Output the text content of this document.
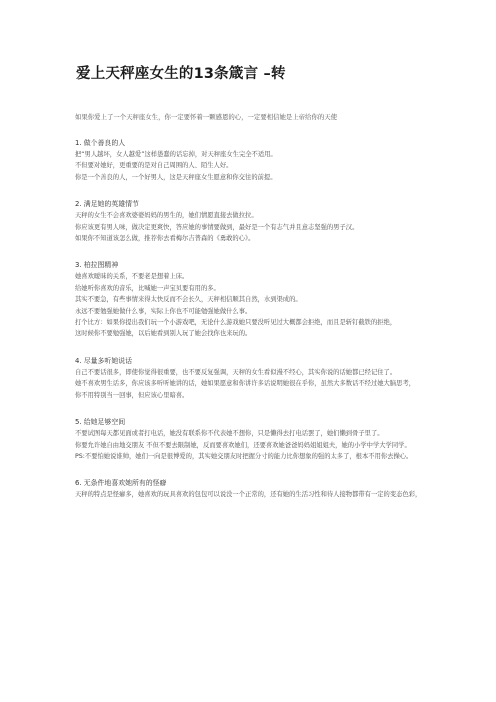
爱上天秤座女生的13条箴言 –转

如果你爱上了一个天秤座女生，你一定要怀着一颗感恩的心，一定要相信她是上帝给你的天使

1. 做个善良的人

把“男人越坏，女人越爱”这样愚蠢的话忘掉，对天秤座女生完全不适用。

不但要对她好，更重要的是对自己周围的人、陌生人好。

你是一个善良的人，一个好男人，这是天秤座女生愿意和你交往的前提。

2. 满足她的英雄情节

天秤的女生不会喜欢婆婆妈妈的男生的，她们情愿直接去做拉拉。

你应该更有男人味，做决定更爽快，答应她的事情要做到，最好是一个有志气并且意志坚强的男子汉。

如果你不知道该怎么做，推荐你去看梅尔吉普森的《勇敢的心》。

3. 柏拉图精神

她喜欢暧昧的关系，不要老是想着上床。

给她听你喜欢的音乐，比喊她一声宝贝要有用的多。

其实不要急，有些事情来得太快反而不会长久，天秤相信顺其自然，水到渠成的。

永远不要勉强她做什么事，实际上你也不可能勉强她做什么事。

打个比方：如果你提出我们玩一个小游戏吧，无论什么游戏她只要没听见过大概都会拒绝，而且是斩钉截铁的拒绝，

这时候你不要勉强她，以后她看到别人玩了她会找你也来玩的。

4. 尽量多听她说话

自己不要话很多，即使你觉得很重要，也不要反复强调，天秤的女生看似漫不经心，其实你说的话她都已经记住了。

她不喜欢男生话多，你应该多听听她讲的话，她如果愿意和你讲许多话说明她很在乎你，虽然大多数话不经过她大脑思考，

你不用特别当一回事，但应该心里暗喜。

5. 给她足够空间

不要试图每天都见面或者打电话，她没有联系你不代表她不想你，只是懒得去打电话罢了，她们懒到骨子里了。

你要允许她自由地交朋友 不但不要去限制她，反而要喜欢她们，还要喜欢她爸爸妈妈姐姐姐夫，她的小学中学大学同学。

PS:不要怕她说谁帅，她们一向是很博爱的，其实她交朋友时把握分寸的能力比你想象的强的太多了，根本不用你去操心。

6. 无条件地喜欢她所有的怪癖

天秤的特点是怪癖多，她喜欢的玩具喜欢的包包可以说没一个正常的，还有她的生活习性和待人接物都带有一定的变态色彩，
